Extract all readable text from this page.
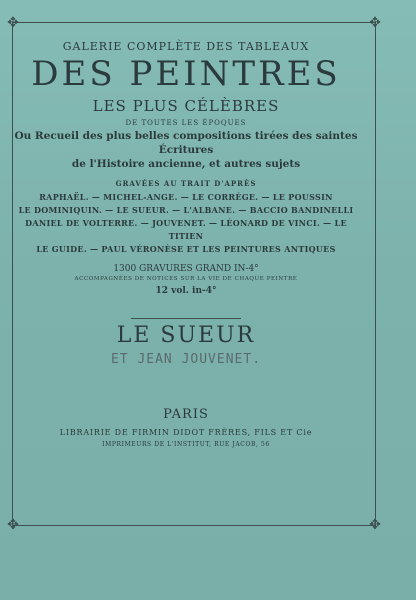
✥	✥
✥	✥
GALERIE COMPLÈTE DES TABLEAUX
DES PEINTRES
LES PLUS CÉLÈBRES
DE TOUTES LES ÉPOQUES
Ou Recueil des plus belles compositions tirées des saintes Écritures
de l'Histoire ancienne, et autres sujets
GRAVÉES AU TRAIT D'APRÈS
RAPHAËL. — MICHEL-ANGE. — LE CORRÉGE. — LE POUSSIN
LE DOMINIQUIN. — LE SUEUR. — L'ALBANE. — BACCIO BANDINELLI
DANIEL DE VOLTERRE. — JOUVENET. — LÉONARD DE VINCI. — LE TITIEN
LE GUIDE. — PAUL VÉRONÈSE ET LES PEINTURES ANTIQUES
1300 GRAVURES GRAND IN-4°
ACCOMPAGNÉES DE NOTICES SUR LA VIE DE CHAQUE PEINTRE
12 vol. in-4°
LE SUEUR
ET JEAN JOUVENET.
PARIS
LIBRAIRIE DE FIRMIN DIDOT FRÈRES, FILS ET Cie
IMPRIMEURS DE L'INSTITUT, RUE JACOB, 56
